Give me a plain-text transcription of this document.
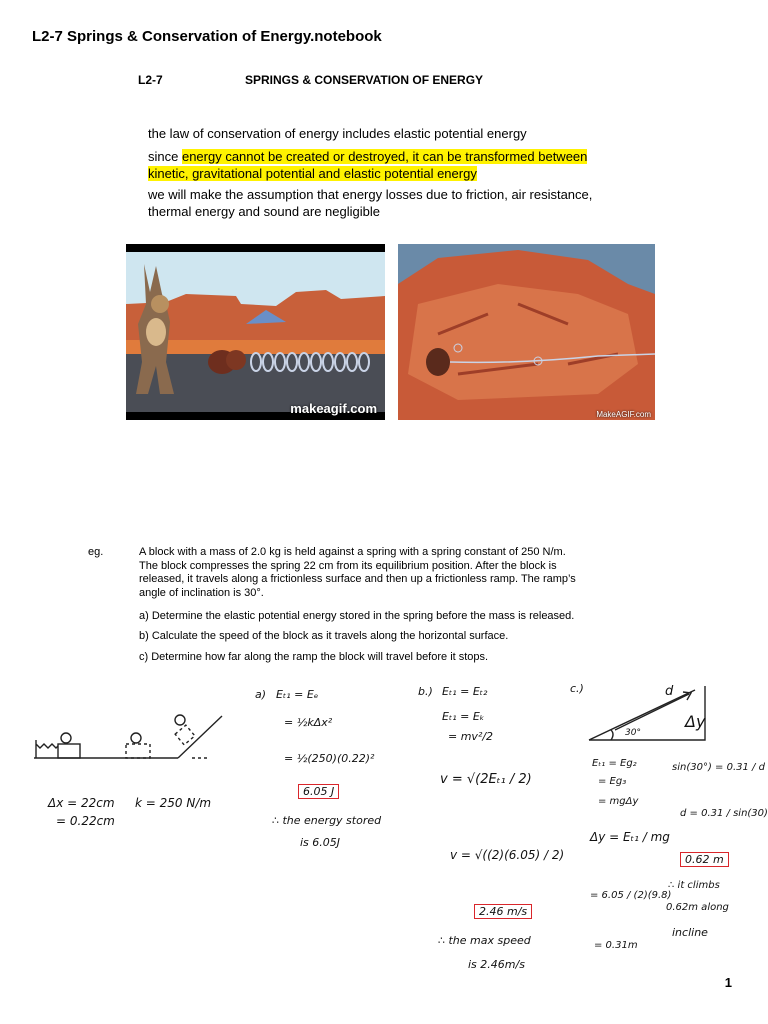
L2-7 Springs & Conservation of Energy.notebook
L2-7	SPRINGS & CONSERVATION OF ENERGY
the law of conservation of energy includes elastic potential energy
since energy cannot be created or destroyed, it can be transformed between
kinetic, gravitational potential and elastic potential energy
we will make the assumption that energy losses due to friction, air resistance,
thermal energy and sound are negligible
makeagif.com	MakeAGIF.com
eg.	A block with a mass of 2.0 kg is held against a spring with a spring constant of 250 N/m.
The block compresses the spring 22 cm from its equilibrium position. After the block is
released, it travels along a frictionless surface and then up a frictionless ramp. The ramp’s
angle of inclination is 30°.
a) Determine the elastic potential energy stored in the spring before the mass is released.
b) Calculate the speed of the block as it travels along the horizontal surface.
c) Determine how far along the ramp the block will travel before it stops.
Δy
d
30°
Δx = 22cm
= 0.22cm
k = 250 N/m
a) Eₜ₁ = Eₑ
= ½kΔx²
= ½(250)(0.22)²
6.05 J
∴ the energy stored
is 6.05J
b.) Eₜ₁ = Eₜ₂
Eₜ₁ = Eₖ
= mv²/2
v = √(2Eₜ₁ / 2)
v = √((2)(6.05) / 2)
2.46 m/s
∴ the max speed
is 2.46m/s
c.)
Eₜ₁ = Eg₂
= Eg₃
= mgΔy
Δy = Eₜ₁ / mg
= 6.05 / (2)(9.8)
= 0.31m
sin(30°) = 0.31 / d
d = 0.31 / sin(30)
0.62 m
∴ it climbs
0.62m along
incline
1
